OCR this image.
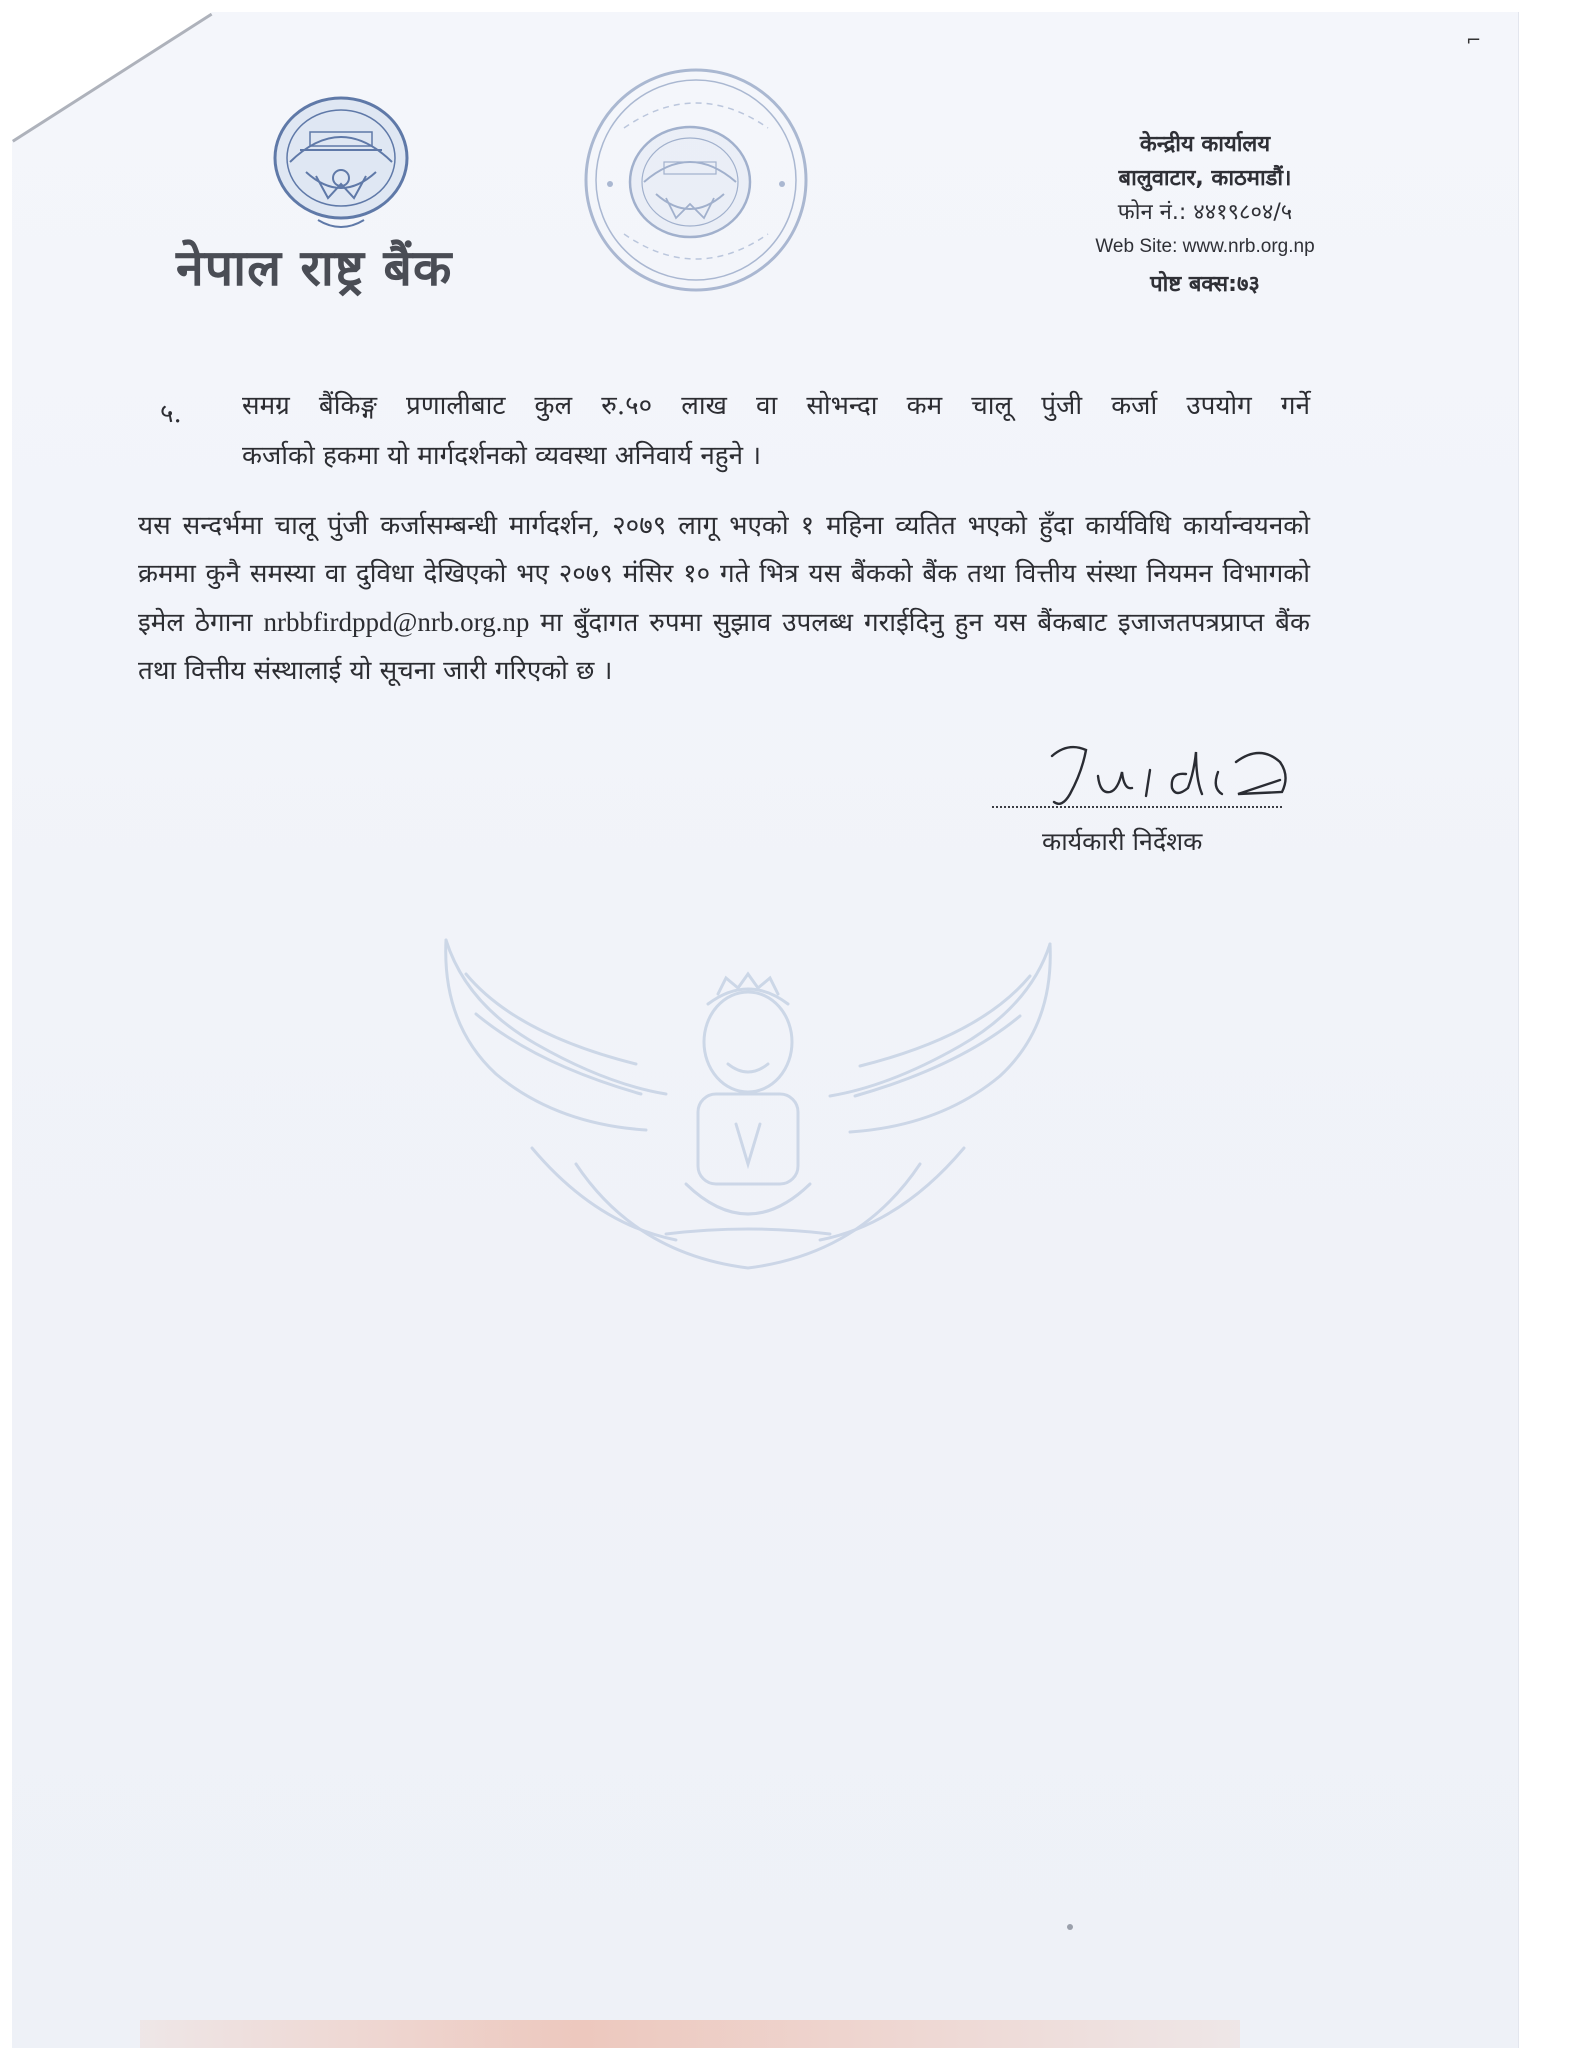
⌐
नेपाल राष्ट्र बैंक
केन्द्रीय कार्यालय
बालुवाटार, काठमाडौं।
फोन नं.: ४४१९८०४/५
Web Site: www.nrb.org.np
पोष्ट बक्स:७३
५. समग्र बैंकिङ्ग प्रणालीबाट कुल रु.५० लाख वा सोभन्दा कम चालू पुंजी कर्जा उपयोग गर्ने
कर्जाको हकमा यो मार्गदर्शनको व्यवस्था अनिवार्य नहुने ।
यस सन्दर्भमा चालू पुंजी कर्जासम्बन्धी मार्गदर्शन, २०७९ लागू भएको १ महिना व्यतित भएको हुँदा कार्यविधि कार्यान्वयनको क्रममा कुनै समस्या वा दुविधा देखिएको भए २०७९ मंसिर १० गते भित्र यस बैंकको बैंक तथा वित्तीय संस्था नियमन विभागको इमेल ठेगाना nrbbfirdppd@nrb.org.np मा बुँदागत रुपमा सुझाव उपलब्ध गराईदिनु हुन यस बैंकबाट इजाजतपत्रप्राप्त बैंक तथा वित्तीय संस्थालाई यो सूचना जारी गरिएको छ ।
कार्यकारी निर्देशक
